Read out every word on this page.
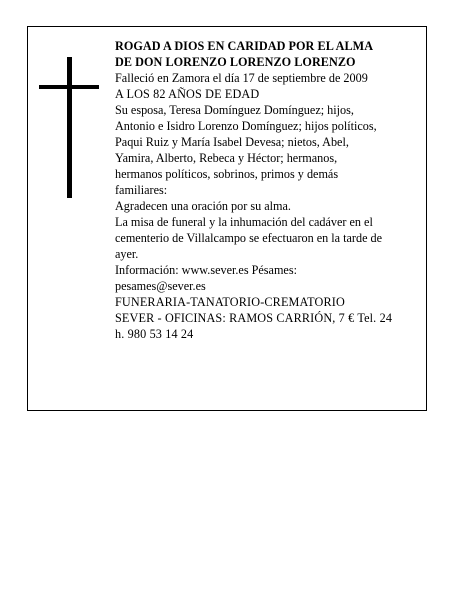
ROGAD A DIOS EN CARIDAD POR EL ALMA
DE DON LORENZO LORENZO LORENZO
Falleció en Zamora el día 17 de septiembre de 2009
A LOS 82 AÑOS DE EDAD
Su esposa, Teresa Domínguez Domínguez; hijos,
Antonio e Isidro Lorenzo Domínguez; hijos políticos,
Paqui Ruiz y María Isabel Devesa; nietos, Abel,
Yamira, Alberto, Rebeca y Héctor; hermanos,
hermanos políticos, sobrinos, primos y demás
familiares:
Agradecen una oración por su alma.
La misa de funeral y la inhumación del cadáver en el
cementerio de Villalcampo se efectuaron en la tarde de
ayer.
Información: www.sever.es Pésames:
pesames@sever.es
FUNERARIA-TANATORIO-CREMATORIO
SEVER - OFICINAS: RAMOS CARRIÓN, 7 € Tel. 24
h. 980 53 14 24
